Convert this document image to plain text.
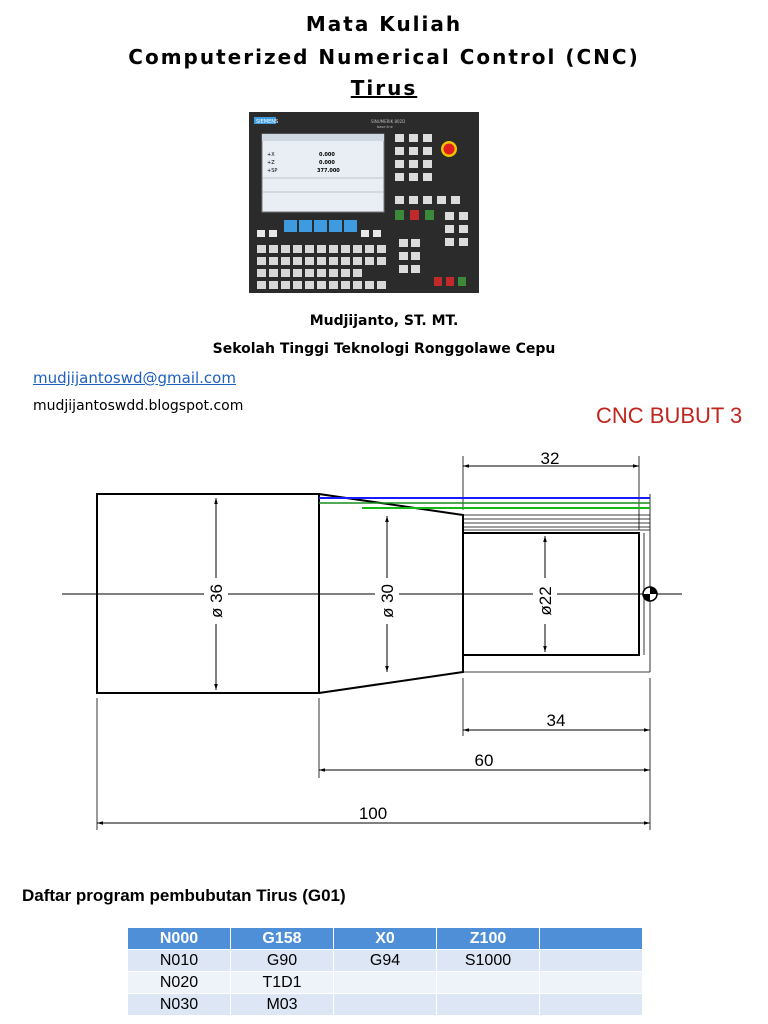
Mata Kuliah
Computerized Numerical Control (CNC)
Tirus
SIEMENS	SINUMERIK 802D
base line
+X
+Z
+SP
0.000
0.000
377.000
Mudjijanto, ST. MT.
Sekolah Tinggi Teknologi Ronggolawe Cepu
mudjijantoswd@gmail.com
mudjijantoswdd.blogspot.com	CNC BUBUT 3
32
34
60
100
ø 36	ø 30	ø22
Daftar program pembubutan Tirus (G01)
N000	G158	X0	Z100	
N010	G90	G94	S1000	
N020	T1D1			
N030	M03			
